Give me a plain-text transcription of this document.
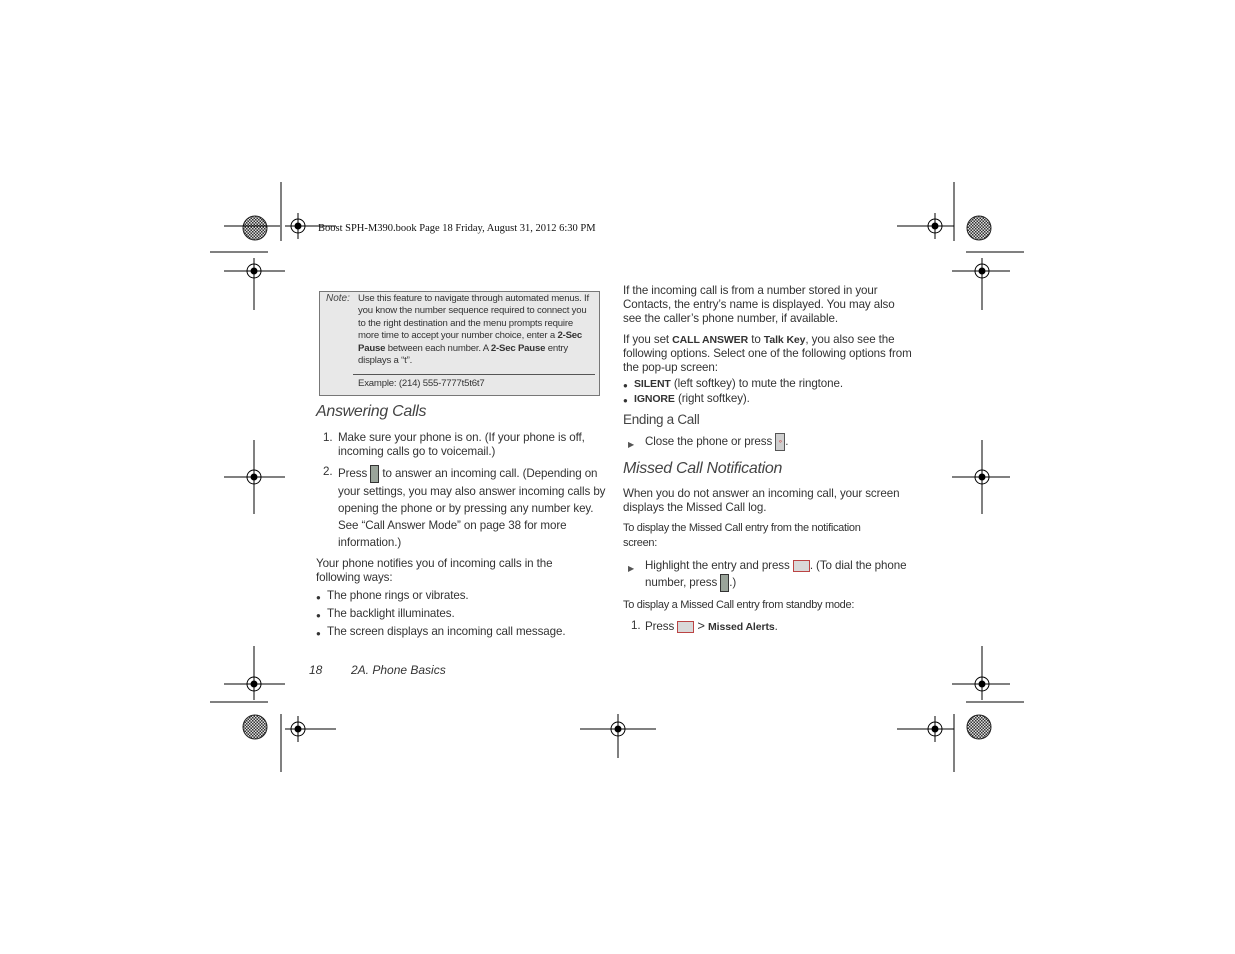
Boost SPH-M390.book Page 18 Friday, August 31, 2012 6:30 PM
Note: Use this feature to navigate through automated menus. If you know the number sequence required to connect you to the right destination and the menu prompts require more time to accept your number choice, enter a 2-Sec Pause between each number. A 2-Sec Pause entry displays a “t”.
Example: (214) 555-7777t5t6t7
Answering Calls
1. Make sure your phone is on. (If your phone is off, incoming calls go to voicemail.)
2. Press  to answer an incoming call. (Depending on your settings, you may also answer incoming calls by opening the phone or by pressing any number key. See “Call Answer Mode” on page 38 for more information.)
Your phone notifies you of incoming calls in the following ways:
● The phone rings or vibrates.
● The backlight illuminates.
● The screen displays an incoming call message.
If the incoming call is from a number stored in your Contacts, the entry’s name is displayed. You may also see the caller’s phone number, if available.
If you set CALL ANSWER to Talk Key, you also see the following options. Select one of the following options from the pop-up screen:
● SILENT (left softkey) to mute the ringtone.
● IGNORE (right softkey).
Ending a Call
▶ Close the phone or press ◦ .
Missed Call Notification
When you do not answer an incoming call, your screen displays the Missed Call log.
To display the Missed Call entry from the notification screen:
▶ Highlight the entry and press . (To dial the phone number, press .)
To display a Missed Call entry from standby mode:
1. Press > Missed Alerts.
18 2A. Phone Basics
